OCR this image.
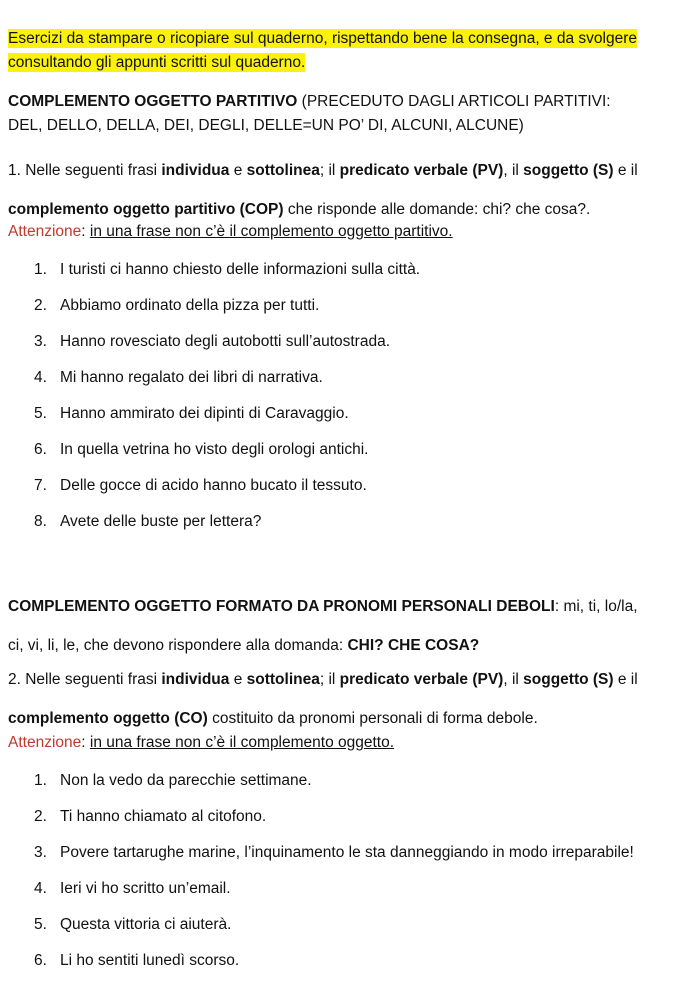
Esercizi da stampare o ricopiare sul quaderno, rispettando bene la consegna, e da svolgere
consultando gli appunti scritti sul quaderno.
COMPLEMENTO OGGETTO PARTITIVO (PRECEDUTO DAGLI ARTICOLI PARTITIVI:
DEL, DELLO, DELLA, DEI, DEGLI, DELLE=UN PO’ DI, ALCUNI, ALCUNE)
1. Nelle seguenti frasi individua e sottolinea; il predicato verbale (PV), il soggetto (S) e il
complemento oggetto partitivo (COP) che risponde alle domande: chi? che cosa?.
Attenzione: in una frase non c’è il complemento oggetto partitivo.
1. I turisti ci hanno chiesto delle informazioni sulla città.
2. Abbiamo ordinato della pizza per tutti.
3. Hanno rovesciato degli autobotti sull’autostrada.
4. Mi hanno regalato dei libri di narrativa.
5. Hanno ammirato dei dipinti di Caravaggio.
6. In quella vetrina ho visto degli orologi antichi.
7. Delle gocce di acido hanno bucato il tessuto.
8. Avete delle buste per lettera?
COMPLEMENTO OGGETTO FORMATO DA PRONOMI PERSONALI DEBOLI: mi, ti, lo/la,
ci, vi, li, le, che devono rispondere alla domanda: CHI? CHE COSA?
2. Nelle seguenti frasi individua e sottolinea; il predicato verbale (PV), il soggetto (S) e il
complemento oggetto (CO) costituito da pronomi personali di forma debole.
Attenzione: in una frase non c’è il complemento oggetto.
1. Non la vedo da parecchie settimane.
2. Ti hanno chiamato al citofono.
3. Povere tartarughe marine, l’inquinamento le sta danneggiando in modo irreparabile!
4. Ieri vi ho scritto un’email.
5. Questa vittoria ci aiuterà.
6. Li ho sentiti lunedì scorso.
